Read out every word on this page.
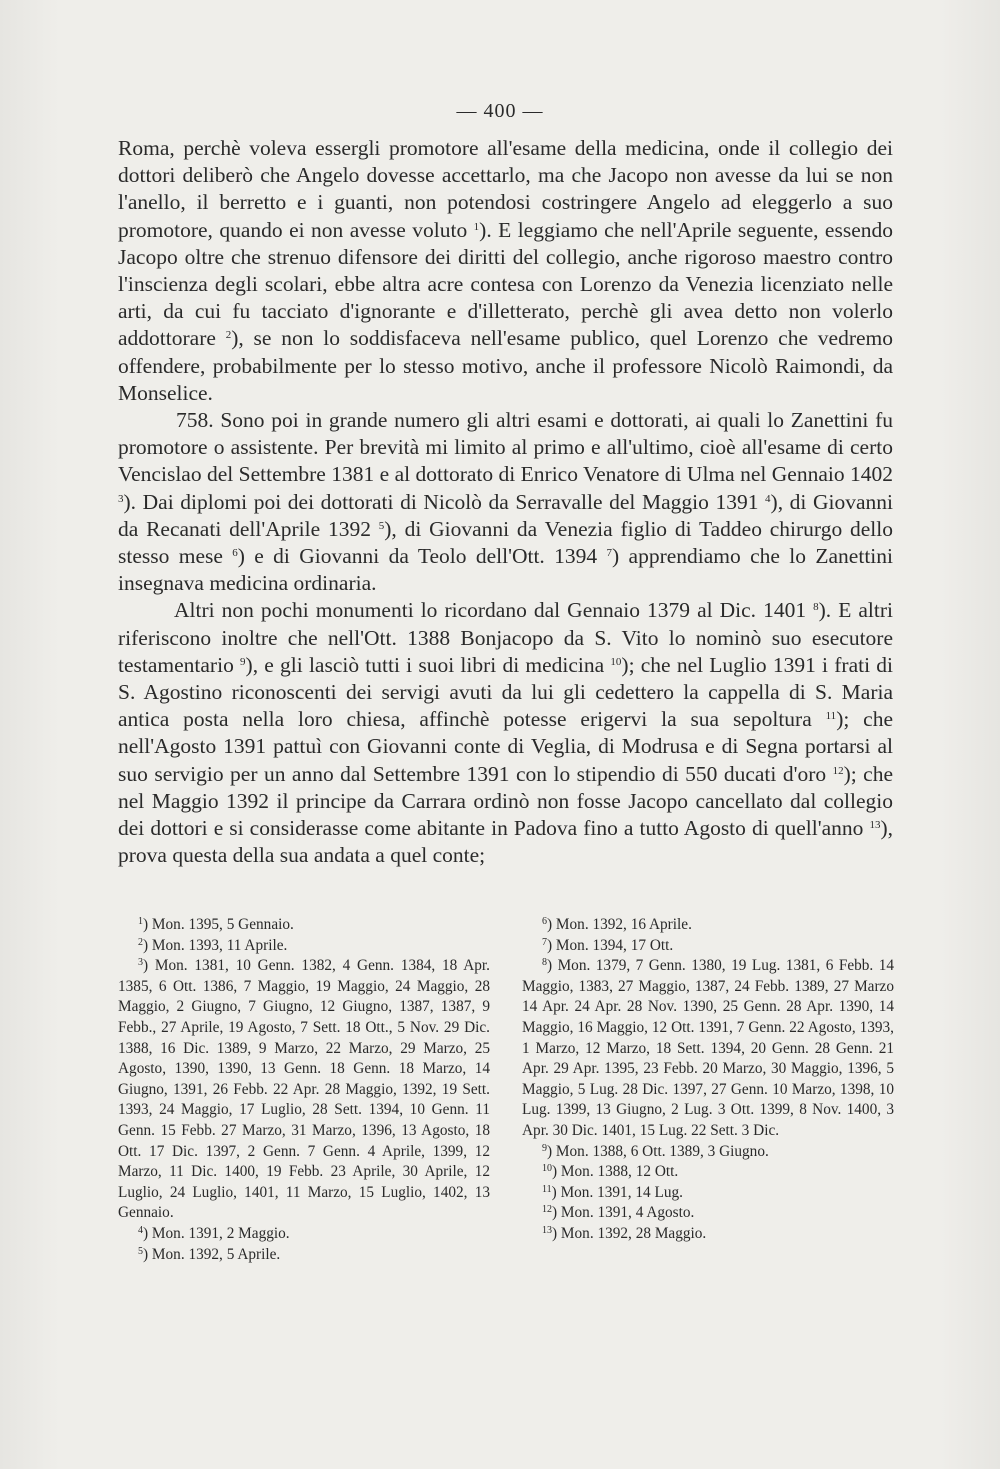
— 400 —

Roma, perchè voleva essergli promotore all'esame della medicina, onde il collegio dei dottori deliberò che Angelo dovesse accettarlo, ma che Jacopo non avesse da lui se non l'anello, il berretto e i guanti, non potendosi costringere Angelo ad eleggerlo a suo promotore, quando ei non avesse voluto $^1$). E leggiamo che nell'Aprile seguente, essendo Jacopo oltre che strenuo difensore dei diritti del collegio, anche rigoroso maestro contro l'inscienza degli scolari, ebbe altra acre contesa con Lorenzo da Venezia licenziato nelle arti, da cui fu tacciato d'ignorante e d'illetterato, perchè gli avea detto non volerlo addottorare $^2$), se non lo soddisfaceva nell'esame publico, quel Lorenzo che vedremo offendere, probabilmente per lo stesso motivo, anche il professore Nicolò Raimondi, da Monselice.

758. Sono poi in grande numero gli altri esami e dottorati, ai quali lo Zanettini fu promotore o assistente. Per brevità mi limito al primo e all'ultimo, cioè all'esame di certo Vencislao del Settembre 1381 e al dottorato di Enrico Venatore di Ulma nel Gennaio 1402 $^3$). Dai diplomi poi dei dottorati di Nicolò da Serravalle del Maggio 1391 $^4$), di Giovanni da Recanati dell'Aprile 1392 $^5$), di Giovanni da Venezia figlio di Taddeo chirurgo dello stesso mese $^6$) e di Giovanni da Teolo dell'Ott. 1394 $^7$) apprendiamo che lo Zanettini insegnava medicina ordinaria.

Altri non pochi monumenti lo ricordano dal Gennaio 1379 al Dic. 1401 $^8$). E altri riferiscono inoltre che nell'Ott. 1388 Bonjacopo da S. Vito lo nominò suo esecutore testamentario $^9$), e gli lasciò tutti i suoi libri di medicina $^{10}$); che nel Luglio 1391 i frati di S. Agostino riconoscenti dei servigi avuti da lui gli cedettero la cappella di S. Maria antica posta nella loro chiesa, affinchè potesse erigervi la sua sepoltura $^{11}$); che nell'Agosto 1391 pattuì con Giovanni conte di Veglia, di Modrusa e di Segna portarsi al suo servigio per un anno dal Settembre 1391 con lo stipendio di 550 ducati d'oro $^{12}$); che nel Maggio 1392 il principe da Carrara ordinò non fosse Jacopo cancellato dal collegio dei dottori e si considerasse come abitante in Padova fino a tutto Agosto di quell'anno $^{13}$), prova questa della sua andata a quel conte;

$^1$) Mon. 1395, 5 Gennaio.

$^2$) Mon. 1393, 11 Aprile.

$^3$) Mon. 1381, 10 Genn. 1382, 4 Genn. 1384, 18 Apr. 1385, 6 Ott. 1386, 7 Maggio, 19 Maggio, 24 Maggio, 28 Maggio, 2 Giugno, 7 Giugno, 12 Giugno, 1387, 1387, 9 Febb., 27 Aprile, 19 Agosto, 7 Sett. 18 Ott., 5 Nov. 29 Dic. 1388, 16 Dic. 1389, 9 Marzo, 22 Marzo, 29 Marzo, 25 Agosto, 1390, 1390, 13 Genn. 18 Genn. 18 Marzo, 14 Giugno, 1391, 26 Febb. 22 Apr. 28 Maggio, 1392, 19 Sett. 1393, 24 Maggio, 17 Luglio, 28 Sett. 1394, 10 Genn. 11 Genn. 15 Febb. 27 Marzo, 31 Marzo, 1396, 13 Agosto, 18 Ott. 17 Dic. 1397, 2 Genn. 7 Genn. 4 Aprile, 1399, 12 Marzo, 11 Dic. 1400, 19 Febb. 23 Aprile, 30 Aprile, 12 Luglio, 24 Luglio, 1401, 11 Marzo, 15 Luglio, 1402, 13 Gennaio.

$^4$) Mon. 1391, 2 Maggio.

$^5$) Mon. 1392, 5 Aprile.

$^6$) Mon. 1392, 16 Aprile.

$^7$) Mon. 1394, 17 Ott.

$^8$) Mon. 1379, 7 Genn. 1380, 19 Lug. 1381, 6 Febb. 14 Maggio, 1383, 27 Maggio, 1387, 24 Febb. 1389, 27 Marzo 14 Apr. 24 Apr. 28 Nov. 1390, 25 Genn. 28 Apr. 1390, 14 Maggio, 16 Maggio, 12 Ott. 1391, 7 Genn. 22 Agosto, 1393, 1 Marzo, 12 Marzo, 18 Sett. 1394, 20 Genn. 28 Genn. 21 Apr. 29 Apr. 1395, 23 Febb. 20 Marzo, 30 Maggio, 1396, 5 Maggio, 5 Lug. 28 Dic. 1397, 27 Genn. 10 Marzo, 1398, 10 Lug. 1399, 13 Giugno, 2 Lug. 3 Ott. 1399, 8 Nov. 1400, 3 Apr. 30 Dic. 1401, 15 Lug. 22 Sett. 3 Dic.

$^9$) Mon. 1388, 6 Ott. 1389, 3 Giugno.

$^{10}$) Mon. 1388, 12 Ott.

$^{11}$) Mon. 1391, 14 Lug.

$^{12}$) Mon. 1391, 4 Agosto.

$^{13}$) Mon. 1392, 28 Maggio.
